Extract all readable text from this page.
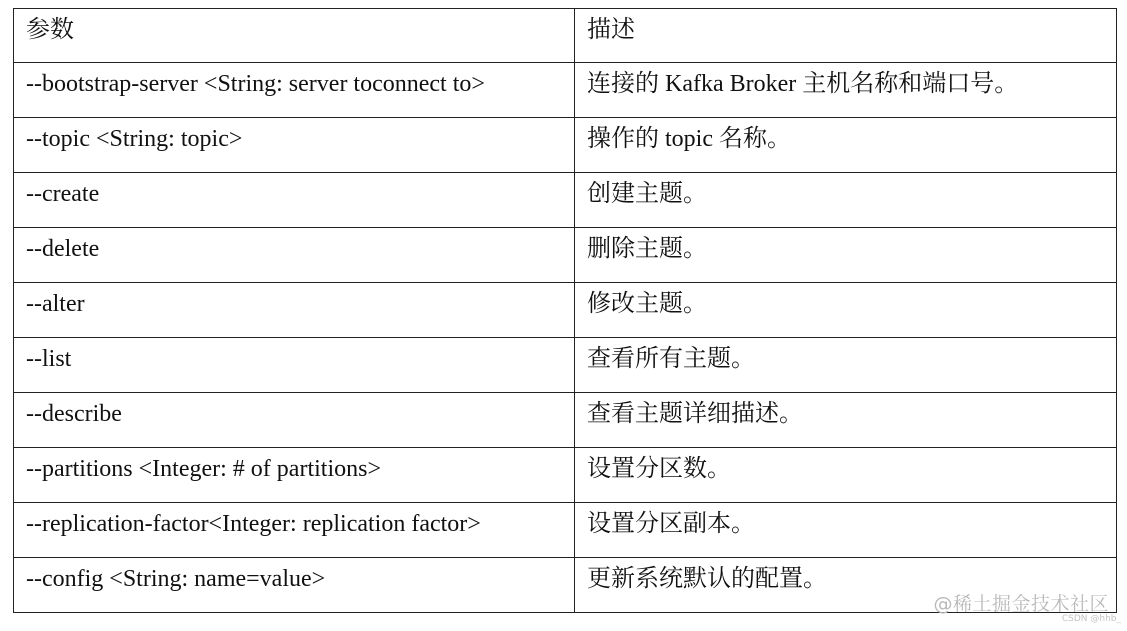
参数	描述
--bootstrap-server <String: server toconnect to>	连接的 Kafka Broker 主机名称和端口号。
--topic <String: topic>	操作的 topic 名称。
--create	创建主题。
--delete	删除主题。
--alter	修改主题。
--list	查看所有主题。
--describe	查看主题详细描述。
--partitions <Integer: # of partitions>	设置分区数。
--replication-factor<Integer: replication factor>	设置分区副本。
--config <String: name=value>	更新系统默认的配置。
@稀土掘金技术社区
CSDN @hhb_
